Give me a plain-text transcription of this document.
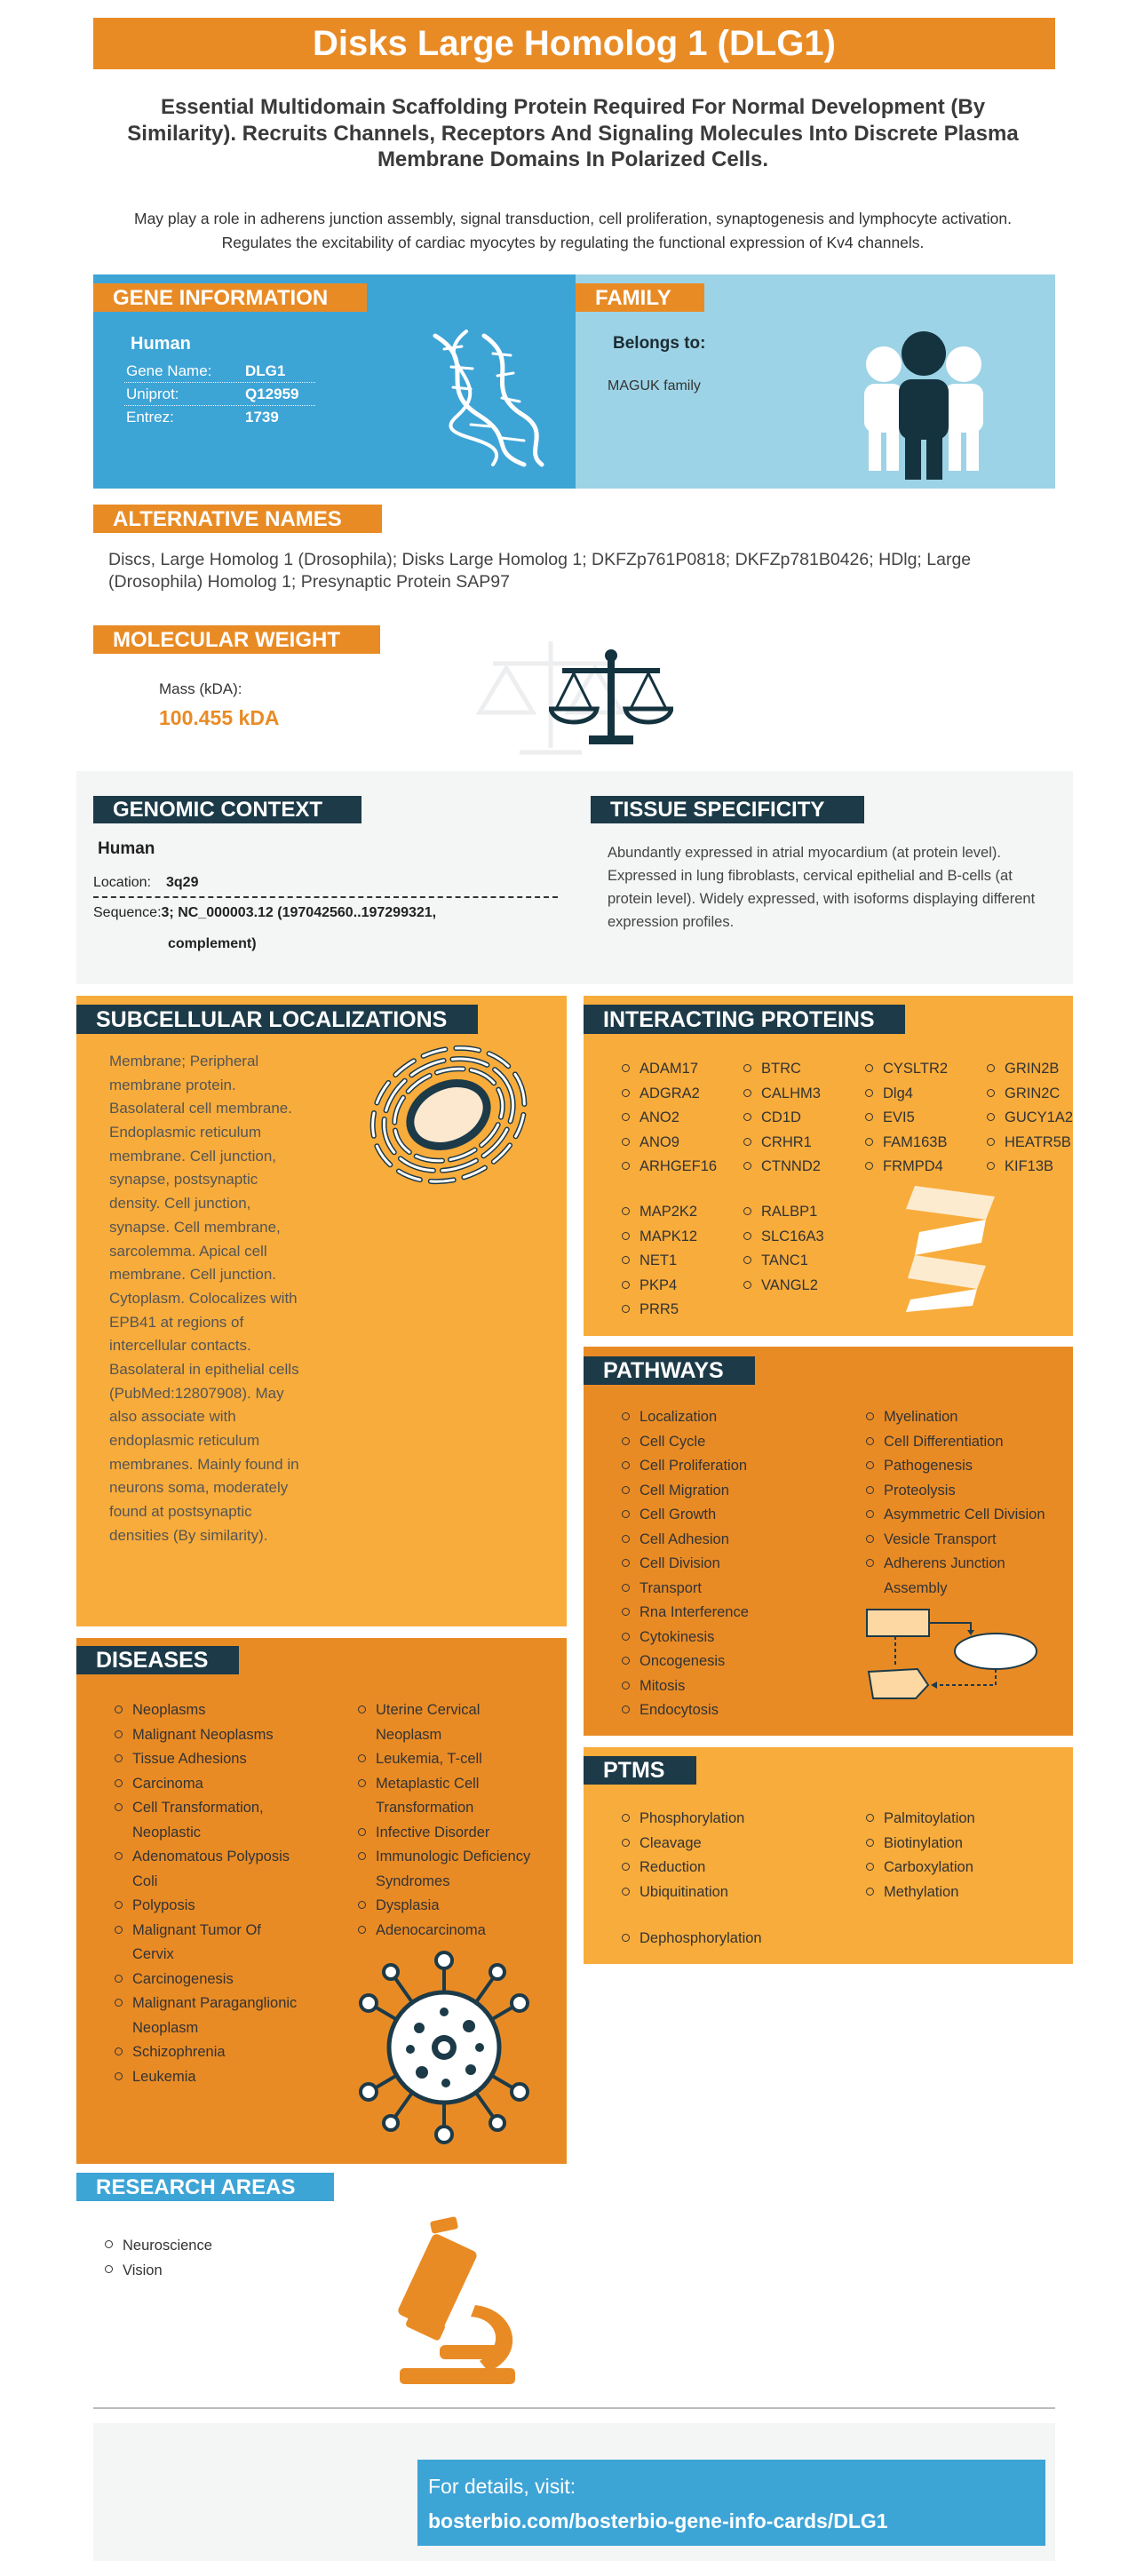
Disks Large Homolog 1 (DLG1)
Essential Multidomain Scaffolding Protein Required For Normal Development (By Similarity). Recruits Channels, Receptors And Signaling Molecules Into Discrete Plasma Membrane Domains In Polarized Cells.
May play a role in adherens junction assembly, signal transduction, cell proliferation, synaptogenesis and lymphocyte activation. Regulates the excitability of cardiac myocytes by regulating the functional expression of Kv4 channels.
GENE INFORMATION
Human
Gene Name:	DLG1
Uniprot:	Q12959
Entrez:	1739
FAMILY
Belongs to:
MAGUK family
ALTERNATIVE NAMES
Discs, Large Homolog 1 (Drosophila); Disks Large Homolog 1; DKFZp761P0818; DKFZp781B0426; HDlg; Large (Drosophila) Homolog 1; Presynaptic Protein SAP97
MOLECULAR WEIGHT
Mass (kDA):
100.455 kDA
GENOMIC CONTEXT
Human
Location: 3q29
Sequence:3; NC_000003.12 (197042560..197299321,
complement)
TISSUE SPECIFICITY
Abundantly expressed in atrial myocardium (at protein level). Expressed in lung fibroblasts, cervical epithelial and B-cells (at protein level). Widely expressed, with isoforms displaying different expression profiles.
SUBCELLULAR LOCALIZATIONS
Membrane; Peripheral membrane protein. Basolateral cell membrane. Endoplasmic reticulum membrane. Cell junction, synapse, postsynaptic density. Cell junction, synapse. Cell membrane, sarcolemma. Apical cell membrane. Cell junction. Cytoplasm. Colocalizes with EPB41 at regions of intercellular contacts. Basolateral in epithelial cells (PubMed:12807908). May also associate with endoplasmic reticulum membranes. Mainly found in neurons soma, moderately found at postsynaptic densities (By similarity).
INTERACTING PROTEINS
ADAM17
ADGRA2
ANO2
ANO9
ARHGEF16
BTRC
CALHM3
CD1D
CRHR1
CTNND2
CYSLTR2
Dlg4
EVI5
FAM163B
FRMPD4
GRIN2B
GRIN2C
GUCY1A2
HEATR5B
KIF13B
MAP2K2
MAPK12
NET1
PKP4
PRR5
RALBP1
SLC16A3
TANC1
VANGL2
PATHWAYS
Localization
Cell Cycle
Cell Proliferation
Cell Migration
Cell Growth
Cell Adhesion
Cell Division
Transport
Rna Interference
Cytokinesis
Oncogenesis
Mitosis
Endocytosis
Myelination
Cell Differentiation
Pathogenesis
Proteolysis
Asymmetric Cell Division
Vesicle Transport
Adherens Junction Assembly
PTMS
Phosphorylation
Cleavage
Reduction
Ubiquitination
Palmitoylation
Biotinylation
Carboxylation
Methylation
Dephosphorylation
DISEASES
Neoplasms
Malignant Neoplasms
Tissue Adhesions
Carcinoma
Cell Transformation, Neoplastic
Adenomatous Polyposis Coli
Polyposis
Malignant Tumor Of Cervix
Carcinogenesis
Malignant Paraganglionic Neoplasm
Schizophrenia
Leukemia
Uterine Cervical Neoplasm
Leukemia, T-cell
Metaplastic Cell Transformation
Infective Disorder
Immunologic Deficiency Syndromes
Dysplasia
Adenocarcinoma
RESEARCH AREAS
Neuroscience
Vision
For details, visit:
bosterbio.com/bosterbio-gene-info-cards/DLG1
